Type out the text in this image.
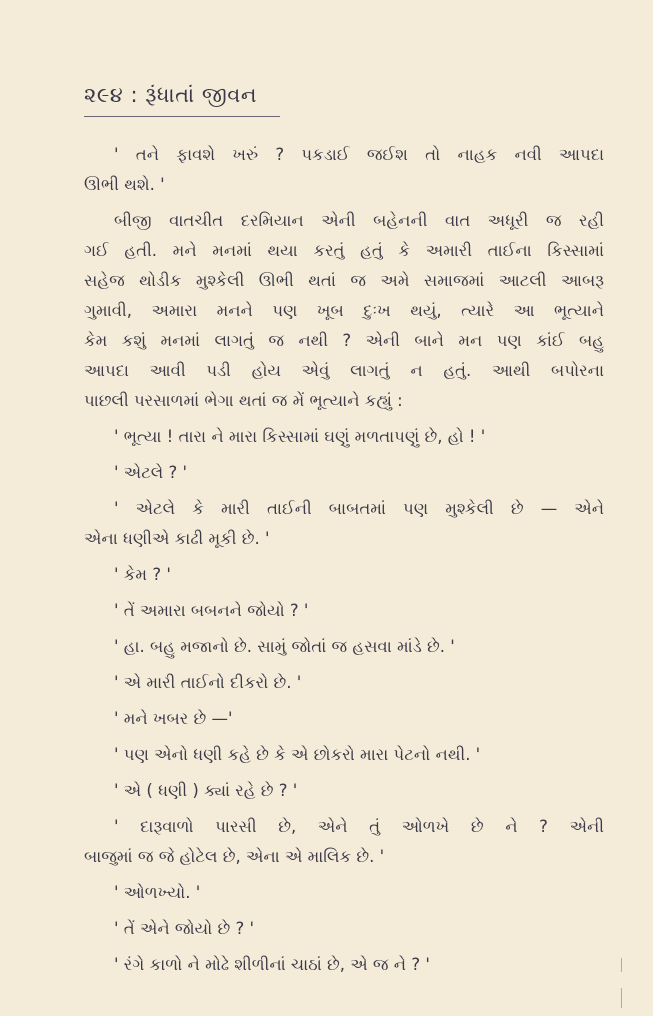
૨૯૪ : રૂંધાતાં જીવન
' તને ફાવશે ખરું ? પકડાઈ જઈશ તો નાહક નવી આપદા
ઊભી થશે. '
બીજી વાતચીત દરમિયાન એની બહેનની વાત અધૂરી જ રહી
ગઈ હતી. મને મનમાં થયા કરતું હતું કે અમારી તાઈના કિસ્સામાં
સહેજ થોડીક મુશ્કેલી ઊભી થતાં જ અમે સમાજમાં આટલી આબરૂ
ગુમાવી, અમારા મનને પણ ખૂબ દુઃખ થયું, ત્યારે આ ભૂત્યાને
કેમ કશું મનમાં લાગતું જ નથી ? એની બાને મન પણ કાંઈ બહુ
આપદા આવી પડી હોય એવું લાગતું ન હતું. આથી બપોરના
પાછલી પરસાળમાં ભેગા થતાં જ મેં ભૂત્યાને કહ્યું :
' ભૂત્યા ! તારા ને મારા કિસ્સામાં ઘણું મળતાપણું છે, હો ! '
' એટલે ? '
' એટલે કે મારી તાઈની બાબતમાં પણ મુશ્કેલી છે — એને
એના ધણીએ કાઢી મૂકી છે. '
' કેમ ? '
' તેં અમારા બબનને જોયો ? '
' હા. બહુ મજાનો છે. સામું જોતાં જ હસવા માંડે છે. '
' એ મારી તાઈનો દીકરો છે. '
' મને ખબર છે —'
' પણ એનો ધણી કહે છે કે એ છોકરો મારા પેટનો નથી. '
' એ ( ધણી ) ક્યાં રહે છે ? '
' દારૂવાળો પારસી છે, એને તું ઓળખે છે ને ? એની
બાજુમાં જ જે હોટેલ છે, એના એ માલિક છે. '
' ઓળખ્યો. '
' તેં એને જોયો છે ? '
' રંગે કાળો ને મોઢે શીળીનાં ચાઠાં છે, એ જ ને ? '
